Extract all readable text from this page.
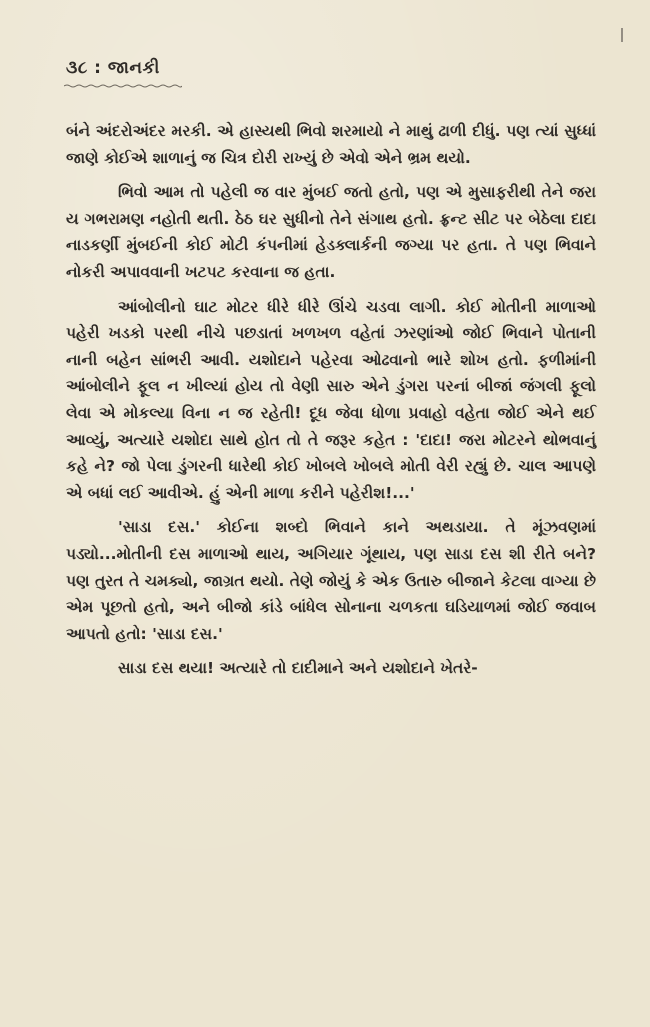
૩૮ : જાનકી

બંને અંદરોઅંદર મરકી. એ હાસ્યથી ભિવો શરમાયો ને માથું ઢાળી દીધું. પણ ત્યાં સુધ્ધાં જાણે કોઈએ શાળાનું જ ચિત્ર દોરી રાખ્યું છે એવો એને ભ્રમ થયો.

ભિવો આમ તો પહેલી જ વાર મુંબઈ જતો હતો, પણ એ મુસાફરીથી તેને જરા ય ગભરામણ નહોતી થતી. ઠેઠ ઘર સુધીનો તેને સંગાથ હતો. ફ્રન્ટ સીટ પર બેઠેલા દાદા નાડકર્ણી મુંબઈની કોઈ મોટી કંપનીમાં હેડક્લાર્કની જગ્યા પર હતા. તે પણ ભિવાને નોકરી અપાવવાની ખટપટ કરવાના જ હતા.

આંબોલીનો ઘાટ મોટર ધીરે ધીરે ઊંચે ચડવા લાગી. કોઈ મોતીની માળાઓ પહેરી ખડકો પરથી નીચે પછડાતાં ખળખળ વહેતાં ઝરણાંઓ જોઈ ભિવાને પોતાની નાની બહેન સાંભરી આવી. યશોદાને પહેરવા ઓઢવાનો ભારે શોખ હતો. ફળીમાંની આંબોલીને ફૂલ ન ખીલ્યાં હોય તો વેણી સારુ એને ડુંગરા પરનાં બીજાં જંગલી ફૂલો લેવા એ મોકલ્યા વિના ન જ રહેતી! દૂધ જેવા ધોળા પ્રવાહો વહેતા જોઈ એને થઈ આવ્યું, અત્યારે યશોદા સાથે હોત તો તે જરૂર કહેત : 'દાદા! જરા મોટરને થોભવાનું કહે ને? જો પેલા ડુંગરની ધારેથી કોઈ ખોબલે ખોબલે મોતી વેરી રહ્યું છે. ચાલ આપણે એ બધાં લઈ આવીએ. હું એની માળા કરીને પહેરીશ!...'

'સાડા દસ.' કોઈના શબ્દો ભિવાને કાને અથડાયા. તે મૂંઝવણમાં પડ્યો...મોતીની દસ માળાઓ થાય, અગિયાર ગૂંથાય, પણ સાડા દસ શી રીતે બને? પણ તુરત તે ચમક્યો, જાગ્રત થયો. તેણે જોયું કે એક ઉતારુ બીજાને કેટલા વાગ્યા છે એમ પૂછતો હતો, અને બીજો કાંડે બાંધેલ સોનાના ચળકતા ઘડિયાળમાં જોઈ જવાબ આપતો હતો: 'સાડા દસ.'

સાડા દસ થયા! અત્યારે તો દાદીમાને અને યશોદાને ખેતરે-
